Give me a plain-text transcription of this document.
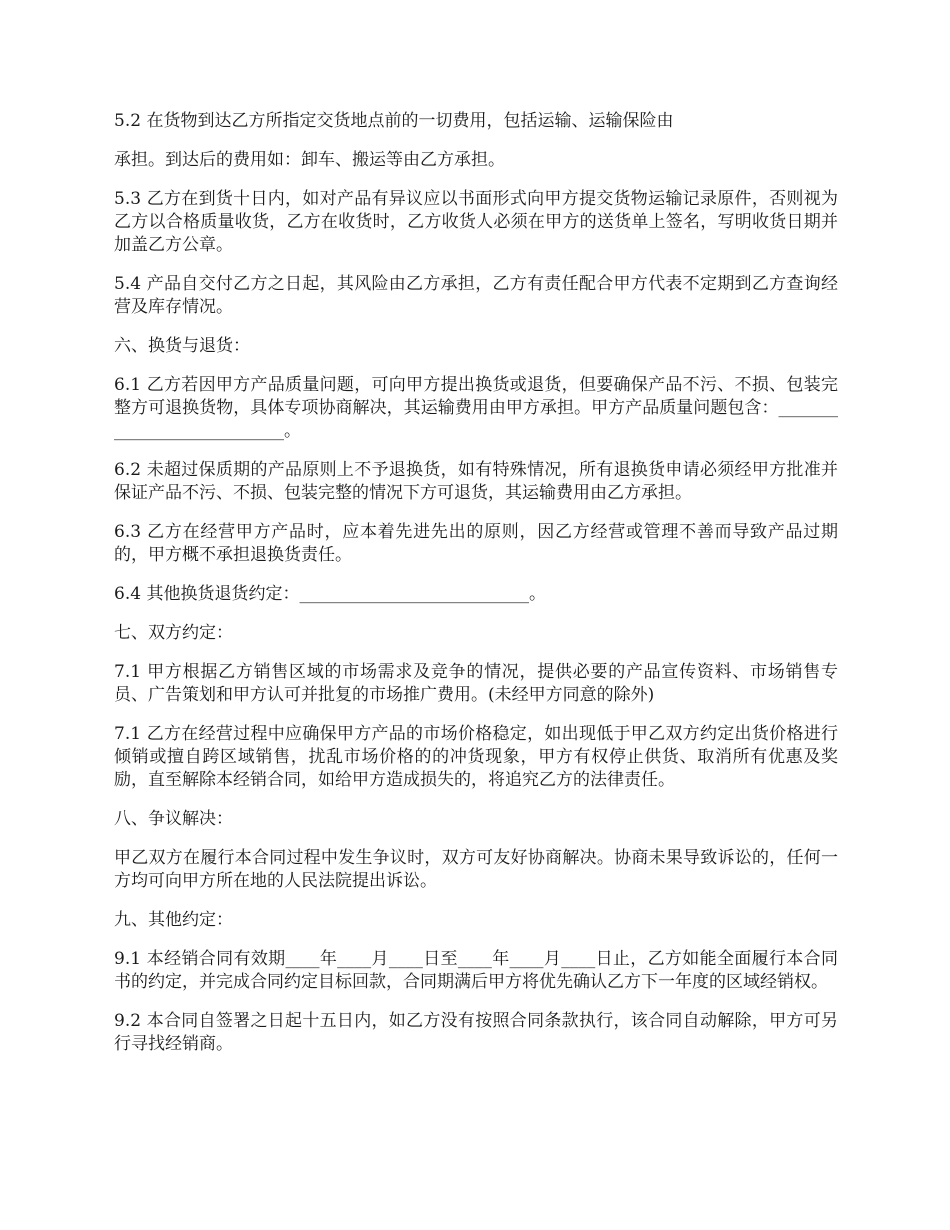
5.2 在货物到达乙方所指定交货地点前的一切费用，包括运输、运输保险由

承担。到达后的费用如：卸车、搬运等由乙方承担。

5.3 乙方在到货十日内，如对产品有异议应以书面形式向甲方提交货物运输记录原件，否则视为乙方以合格质量收货，乙方在收货时，乙方收货人必须在甲方的送货单上签名，写明收货日期并加盖乙方公章。

5.4 产品自交付乙方之日起，其风险由乙方承担，乙方有责任配合甲方代表不定期到乙方查询经营及库存情况。

六、换货与退货：

6.1 乙方若因甲方产品质量问题，可向甲方提出换货或退货，但要确保产品不污、不损、包装完整方可退换货物，具体专项协商解决，其运输费用由甲方承担。甲方产品质量问题包含：___________________________。

6.2 未超过保质期的产品原则上不予退换货，如有特殊情况，所有退换货申请必须经甲方批准并保证产品不污、不损、包装完整的情况下方可退货，其运输费用由乙方承担。

6.3 乙方在经营甲方产品时，应本着先进先出的原则，因乙方经营或管理不善而导致产品过期的，甲方概不承担退换货责任。

6.4 其他换货退货约定：___________________________。

七、双方约定：

7.1 甲方根据乙方销售区域的市场需求及竞争的情况，提供必要的产品宣传资料、市场销售专员、广告策划和甲方认可并批复的市场推广费用。(未经甲方同意的除外)

7.1 乙方在经营过程中应确保甲方产品的市场价格稳定，如出现低于甲乙双方约定出货价格进行倾销或擅自跨区域销售，扰乱市场价格的的冲货现象，甲方有权停止供货、取消所有优惠及奖励，直至解除本经销合同，如给甲方造成损失的，将追究乙方的法律责任。

八、争议解决：

甲乙双方在履行本合同过程中发生争议时，双方可友好协商解决。协商未果导致诉讼的，任何一方均可向甲方所在地的人民法院提出诉讼。

九、其他约定：

9.1 本经销合同有效期____年____月____日至____年____月____日止，乙方如能全面履行本合同书的约定，并完成合同约定目标回款，合同期满后甲方将优先确认乙方下一年度的区域经销权。

9.2 本合同自签署之日起十五日内，如乙方没有按照合同条款执行，该合同自动解除，甲方可另行寻找经销商。
